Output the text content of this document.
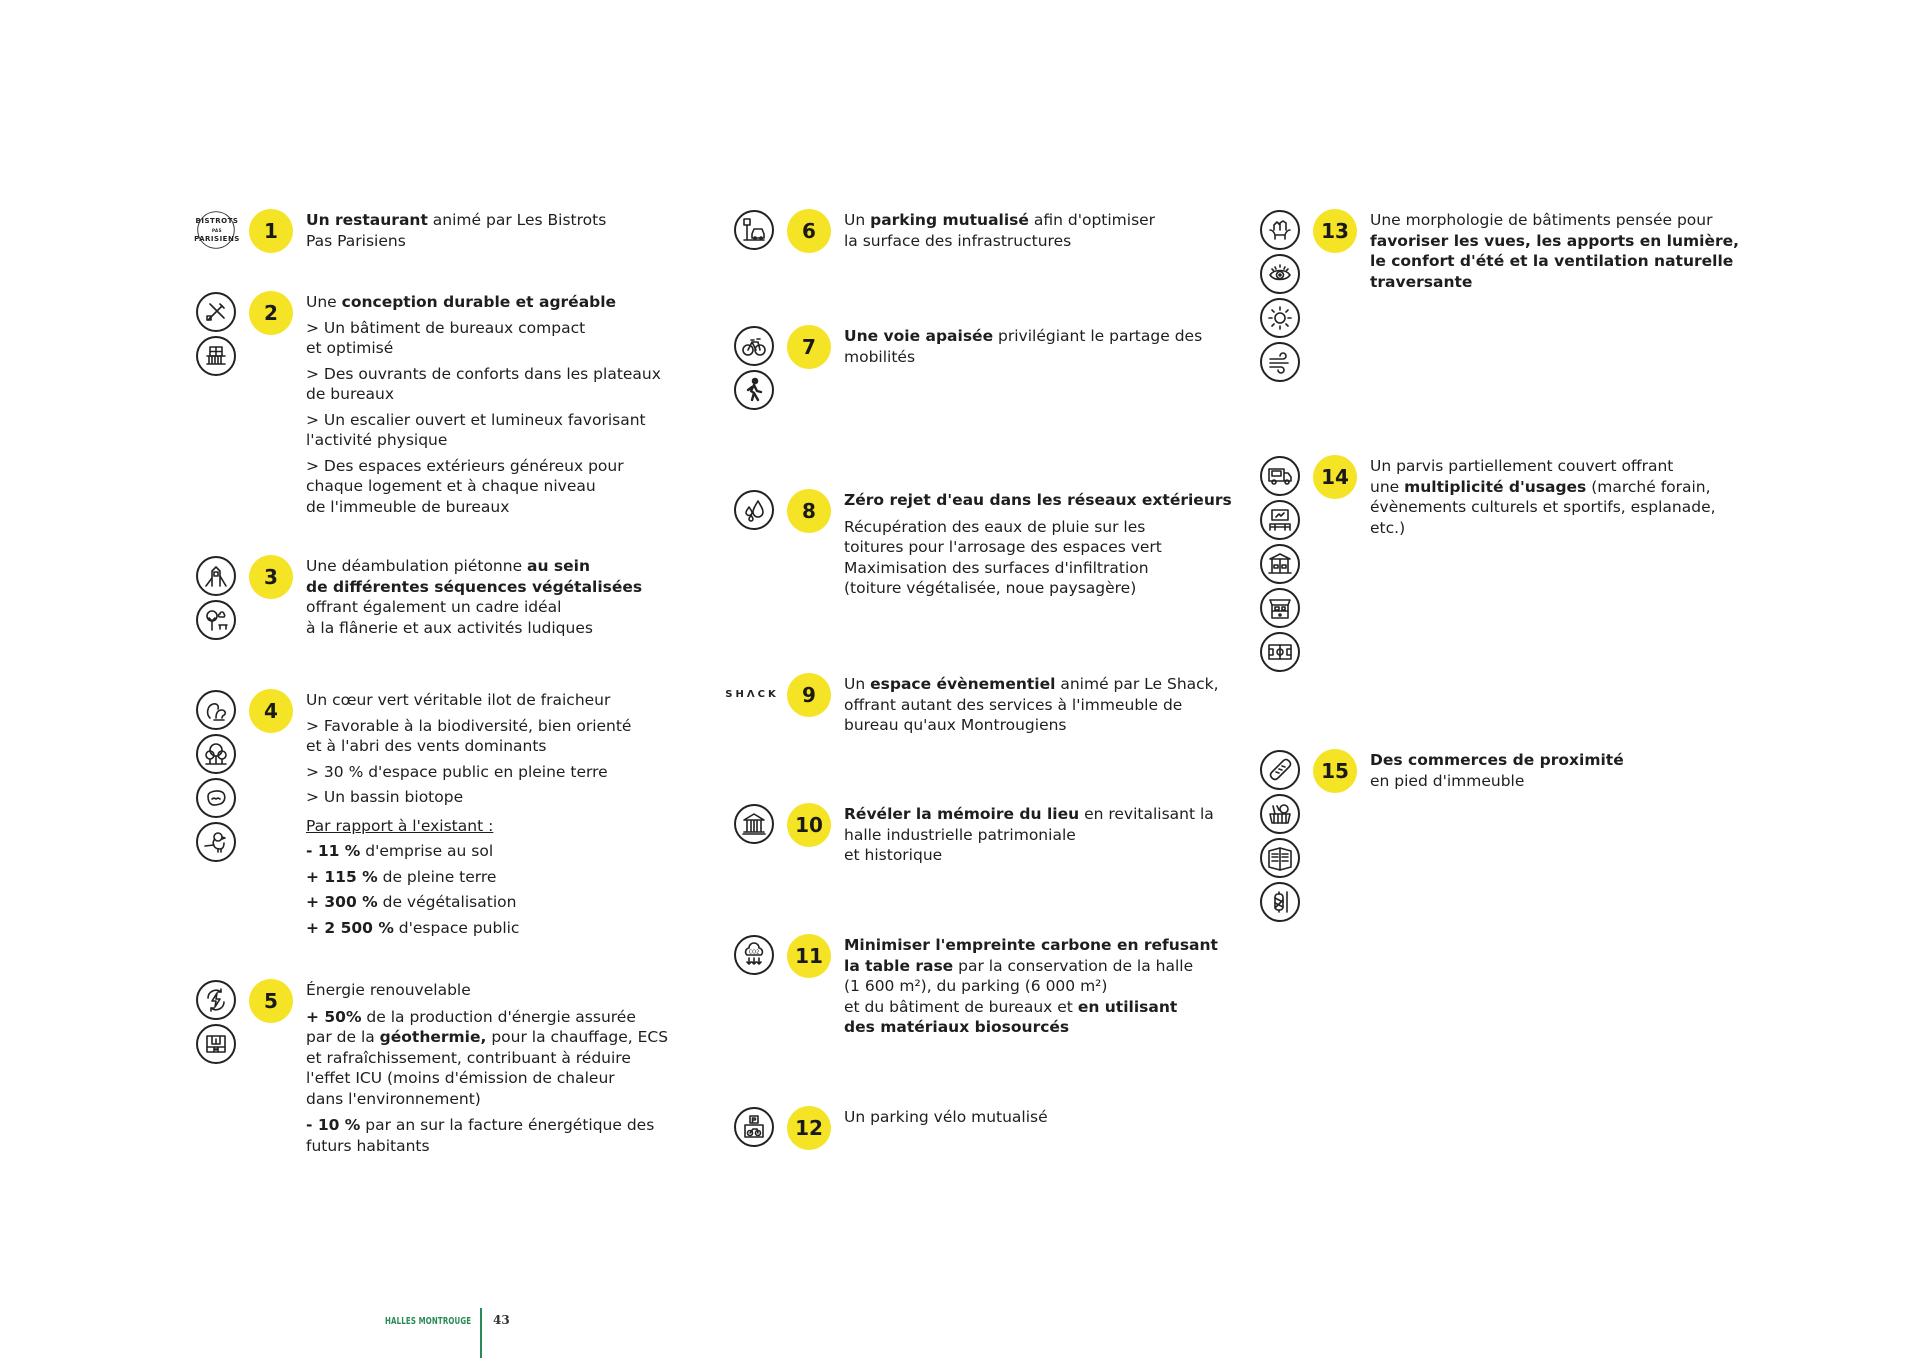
BISTROTS
PAS
PARISIENS	1	Un restaurant animé par Les Bistrots
Pas Parisiens
2	Une conception durable et agréable
> Un bâtiment de bureaux compact
et optimisé
> Des ouvrants de conforts dans les plateaux
de bureaux
> Un escalier ouvert et lumineux favorisant
l'activité physique
> Des espaces extérieurs généreux pour
chaque logement et à chaque niveau
de l'immeuble de bureaux
3	Une déambulation piétonne au sein
de différentes séquences végétalisées
offrant également un cadre idéal
à la flânerie et aux activités ludiques
4	Un cœur vert véritable ilot de fraicheur
> Favorable à la biodiversité, bien orienté
et à l'abri des vents dominants
> 30 % d'espace public en pleine terre
> Un bassin biotope
Par rapport à l'existant :
- 11 % d'emprise au sol
+ 115 % de pleine terre
+ 300 % de végétalisation
+ 2 500 % d'espace public
5	Énergie renouvelable
+ 50% de la production d'énergie assurée
par de la géothermie, pour la chauffage, ECS
et rafraîchissement, contribuant à réduire
l'effet ICU (moins d'émission de chaleur
dans l'environnement)
- 10 % par an sur la facture énergétique des
futurs habitants
6	Un parking mutualisé afin d'optimiser
la surface des infrastructures
7	Une voie apaisée privilégiant le partage des
mobilités
8	Zéro rejet d'eau dans les réseaux extérieurs
Récupération des eaux de pluie sur les
toitures pour l'arrosage des espaces vert
Maximisation des surfaces d'infiltration
(toiture végétalisée, noue paysagère)
SHΛCK	9	Un espace évènementiel animé par Le Shack,
offrant autant des services à l'immeuble de
bureau qu'aux Montrougiens
10	Révéler la mémoire du lieu en revitalisant la
halle industrielle patrimoniale
et historique
CO2	11	Minimiser l'empreinte carbone en refusant
la table rase par la conservation de la halle
(1 600 m²), du parking (6 000 m²)
et du bâtiment de bureaux et en utilisant
des matériaux biosourcés
12	Un parking vélo mutualisé
13	Une morphologie de bâtiments pensée pour
favoriser les vues, les apports en lumière,
le confort d'été et la ventilation naturelle
traversante
14	Un parvis partiellement couvert offrant
une multiplicité d'usages (marché forain,
évènements culturels et sportifs, esplanade,
etc.)
15	Des commerces de proximité
en pied d'immeuble
HALLES MONTROUGE 43
